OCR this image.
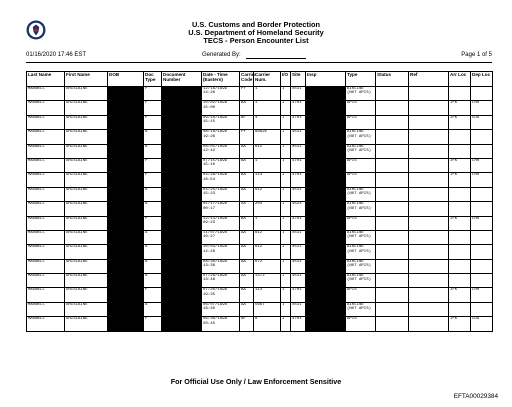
U.S. Customs and Border Protection
U.S. Department of Homeland Security
TECS - Person Encounter List
01/16/2020 17:46 EST	Generated By:	Page 1 of 5
Last Name	First Name	DOB	Doc Type	Document Number	Date - Time (Eastern)	Carrier Code	Carrier Num.	I/O	Site	Insp	Type	Status	Ref	Arr Loc	Dep Loc
MAXWELL	GHISLAINE		P		12/18/1999 14:26	PY	1	I	4511		AIRLINE (NOT APIS)				
MAXWELL	GHISLAINE		P		10/02/1999 15:00	BA	1	I	4701		APIS			JFK	LHR
MAXWELL	GHISLAINE		P		09/10/1999 15:15	AF	4	I	4701		APIS			JFK	CDG
MAXWELL	GHISLAINE		A		08/16/1999 19:26	PY	9082E	I	4511		AIRLINE (NOT APIS)				
MAXWELL	GHISLAINE		A		08/01/1999 12:42	AA	612	I	4511		AIRLINE (NOT APIS)				
MAXWELL	GHISLAINE		P		07/15/1999 15:10	BA	1	I	4701		APIS			JFK	LHR
MAXWELL	GHISLAINE		P		04/28/1999 18:54	BA	113	I	4701		APIS			JFK	LHR
MAXWELL	GHISLAINE		A		03/25/1999 15:23	AA	612	I	4511		AIRLINE (NOT APIS)				
MAXWELL	GHISLAINE		A		01/17/1999 00:17	SA	203	I	4524		AIRLINE (NOT APIS)				
MAXWELL	GHISLAINE		P		12/13/1998 09:23	BA	1	I	4701		APIS			JFK	LHR
MAXWELL	GHISLAINE		A		11/07/1998 10:27	AA	612	I	4511		AIRLINE (NOT APIS)				
MAXWELL	GHISLAINE		A		10/03/1998 12:28	AA	612	I	4511		AIRLINE (NOT APIS)				
MAXWELL	GHISLAINE		A		08/30/1998 13:36	AA	672	I	4511		AIRLINE (NOT APIS)				
MAXWELL	GHISLAINE		A		07/26/1998 13:48	AA	1472	I	4511		AIRLINE (NOT APIS)				
MAXWELL	GHISLAINE		P		07/20/1998 19:35	BA	113	I	4701		APIS			JFK	LHR
MAXWELL	GHISLAINE		A		06/07/1998 18:40	AA	5667	I	4511		AIRLINE (NOT APIS)				
MAXWELL	GHISLAINE		P		06/30/1998 20:45	AF	8	I	4701		APIS			JFK	CDG
For Official Use Only / Law Enforcement Sensitive
EFTA00029384
